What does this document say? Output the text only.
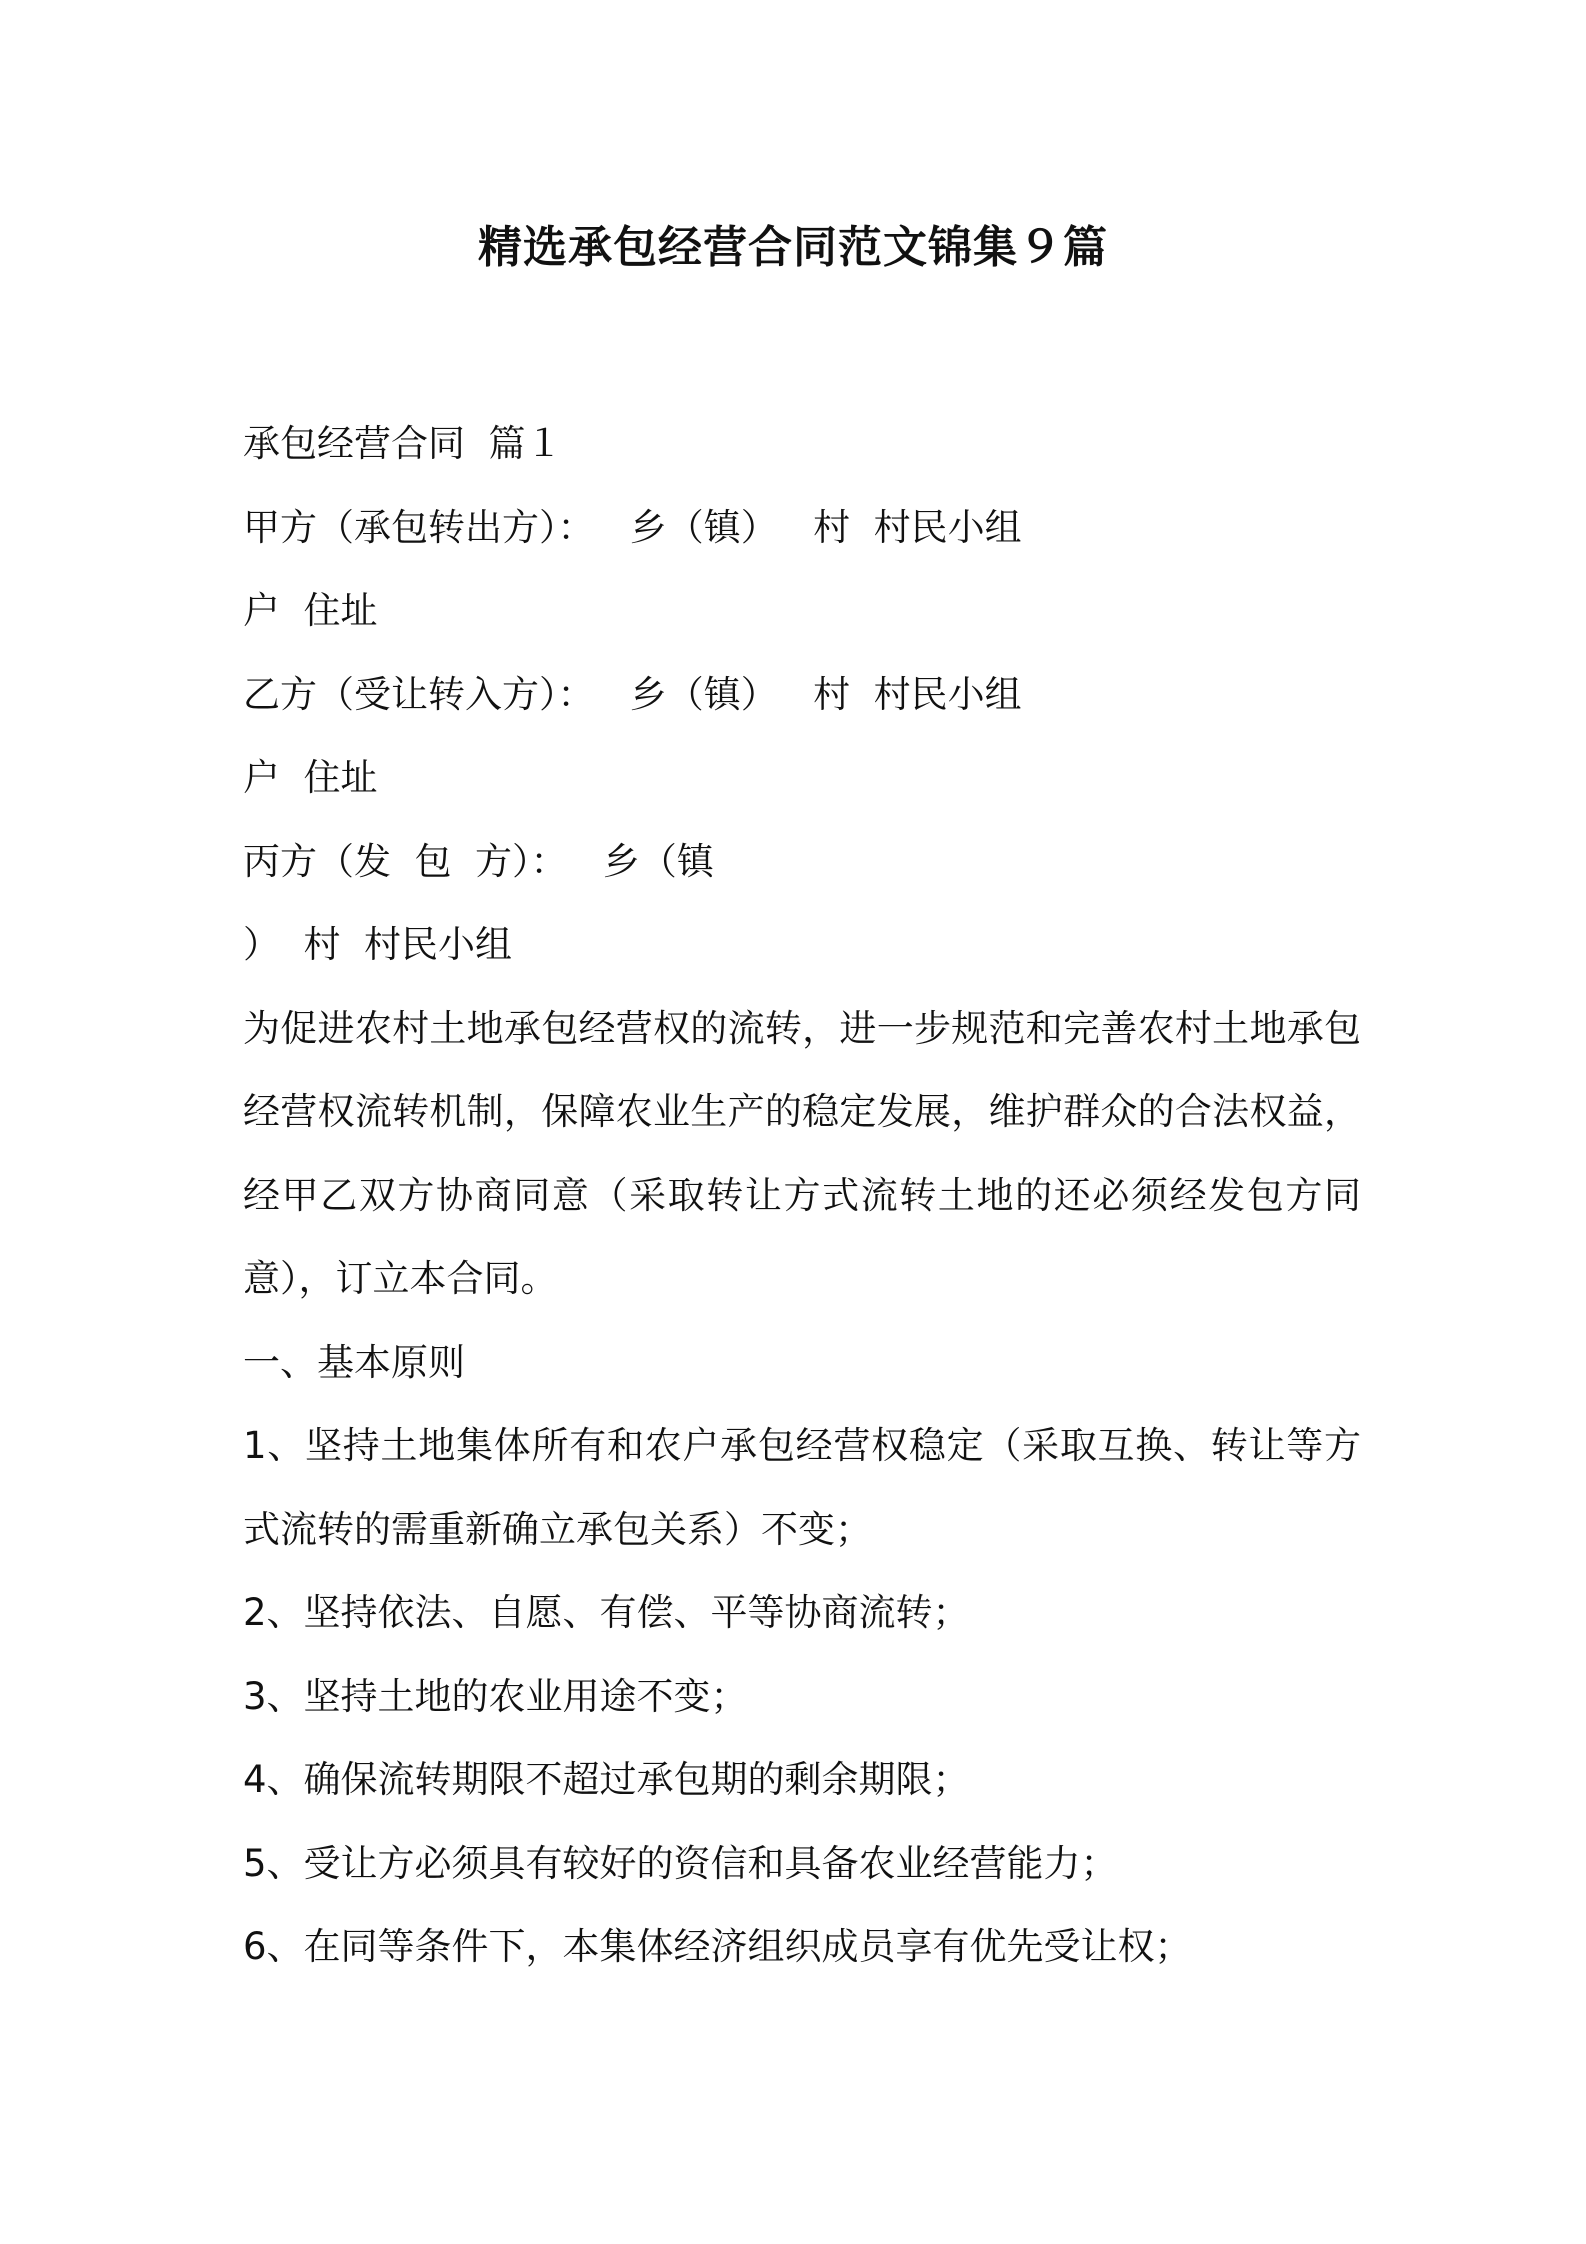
精选承包经营合同范文锦集９篇

承包经营合同  篇１

甲方（承包转出方）：   乡（镇）   村  村民小组

户  住址

乙方（受让转入方）：   乡（镇）   村  村民小组

户  住址

丙方（发  包  方）：   乡（镇

）  村  村民小组

为促进农村土地承包经营权的流转，进一步规范和完善农村土地承包经营权流转机制，保障农业生产的稳定发展，维护群众的合法权益，经甲乙双方协商同意（采取转让方式流转土地的还必须经发包方同意），订立本合同。

一、基本原则

1、坚持土地集体所有和农户承包经营权稳定（采取互换、转让等方式流转的需重新确立承包关系）不变；

2、坚持依法、自愿、有偿、平等协商流转；

3、坚持土地的农业用途不变；

4、确保流转期限不超过承包期的剩余期限；

5、受让方必须具有较好的资信和具备农业经营能力；

6、在同等条件下，本集体经济组织成员享有优先受让权；
